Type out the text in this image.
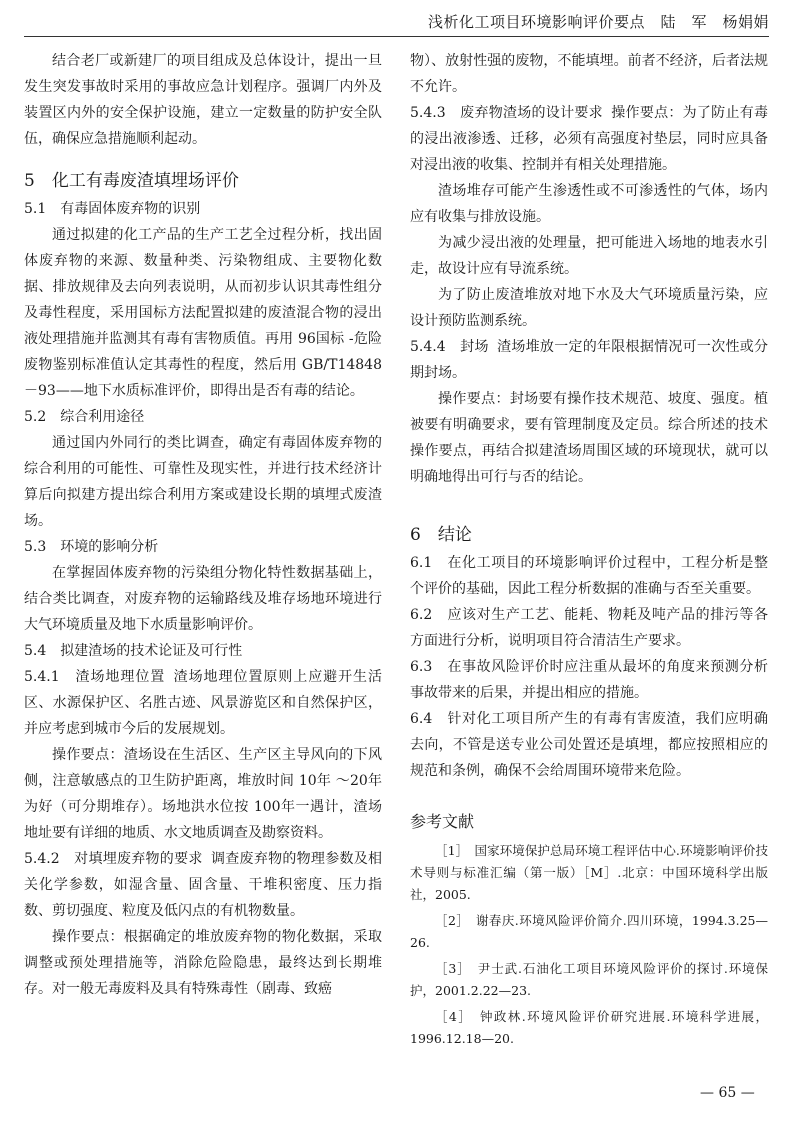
浅析化工项目环境影响评价要点　陆　军　杨娟娟

结合老厂或新建厂的项目组成及总体设计，提出一旦发生突发事故时采用的事故应急计划程序。强调厂内外及装置区内外的安全保护设施，建立一定数量的防护安全队伍，确保应急措施顺利起动。

5　化工有毒废渣填埋场评价

5.1　有毒固体废弃物的识别

通过拟建的化工产品的生产工艺全过程分析，找出固体废弃物的来源、数量种类、污染物组成、主要物化数据、排放规律及去向列表说明，从而初步认识其毒性组分及毒性程度，采用国标方法配置拟建的废渣混合物的浸出液处理措施并监测其有毒有害物质值。再用 96国标 -危险废物鉴别标准值认定其毒性的程度，然后用 GB/T14848－93——地下水质标准评价，即得出是否有毒的结论。

5.2　综合利用途径

通过国内外同行的类比调查，确定有毒固体废弃物的综合利用的可能性、可靠性及现实性，并进行技术经济计算后向拟建方提出综合利用方案或建设长期的填埋式废渣场。

5.3　环境的影响分析

在掌握固体废弃物的污染组分物化特性数据基础上，结合类比调查，对废弃物的运输路线及堆存场地环境进行大气环境质量及地下水质量影响评价。

5.4　拟建渣场的技术论证及可行性

5.4.1　渣场地理位置 渣场地理位置原则上应避开生活区、水源保护区、名胜古迹、风景游览区和自然保护区，并应考虑到城市今后的发展规划。

操作要点：渣场设在生活区、生产区主导风向的下风侧，注意敏感点的卫生防护距离，堆放时间 10年 ～20年为好（可分期堆存）。场地洪水位按 100年一遇计，渣场地址要有详细的地质、水文地质调查及勘察资料。

5.4.2　对填埋废弃物的要求 调查废弃物的物理参数及相关化学参数，如湿含量、固含量、干堆积密度、压力指数、剪切强度、粒度及低闪点的有机物数量。

操作要点：根据确定的堆放废弃物的物化数据，采取调整或预处理措施等，消除危险隐患，最终达到长期堆存。对一般无毒废料及具有特殊毒性（剧毒、致癌

物）、放射性强的废物，不能填埋。前者不经济，后者法规不允许。

5.4.3　废弃物渣场的设计要求 操作要点：为了防止有毒的浸出液渗透、迁移，必须有高强度衬垫层，同时应具备对浸出液的收集、控制并有相关处理措施。

渣场堆存可能产生渗透性或不可渗透性的气体，场内应有收集与排放设施。

为减少浸出液的处理量，把可能进入场地的地表水引走，故设计应有导流系统。

为了防止废渣堆放对地下水及大气环境质量污染，应设计预防监测系统。

5.4.4　封场 渣场堆放一定的年限根据情况可一次性或分期封场。

操作要点：封场要有操作技术规范、坡度、强度。植被要有明确要求，要有管理制度及定员。综合所述的技术操作要点，再结合拟建渣场周围区域的环境现状，就可以明确地得出可行与否的结论。

6　结论

6.1　在化工项目的环境影响评价过程中，工程分析是整个评价的基础，因此工程分析数据的准确与否至关重要。

6.2　应该对生产工艺、能耗、物耗及吨产品的排污等各方面进行分析，说明项目符合清洁生产要求。

6.3　在事故风险评价时应注重从最坏的角度来预测分析事故带来的后果，并提出相应的措施。

6.4　针对化工项目所产生的有毒有害废渣，我们应明确去向，不管是送专业公司处置还是填埋，都应按照相应的规范和条例，确保不会给周围环境带来危险。

参考文献

［1］　国家环境保护总局环境工程评估中心.环境影响评价技术导则与标准汇编（第一版）［M］.北京：中国环境科学出版社，2005.

［2］　谢春庆.环境风险评价简介.四川环境，1994.3.25—26.

［3］　尹士武.石油化工项目环境风险评价的探讨.环境保护，2001.2.22—23.

［4］　钟政林.环境风险评价研究进展.环境科学进展，1996.12.18—20.

— 65 —
